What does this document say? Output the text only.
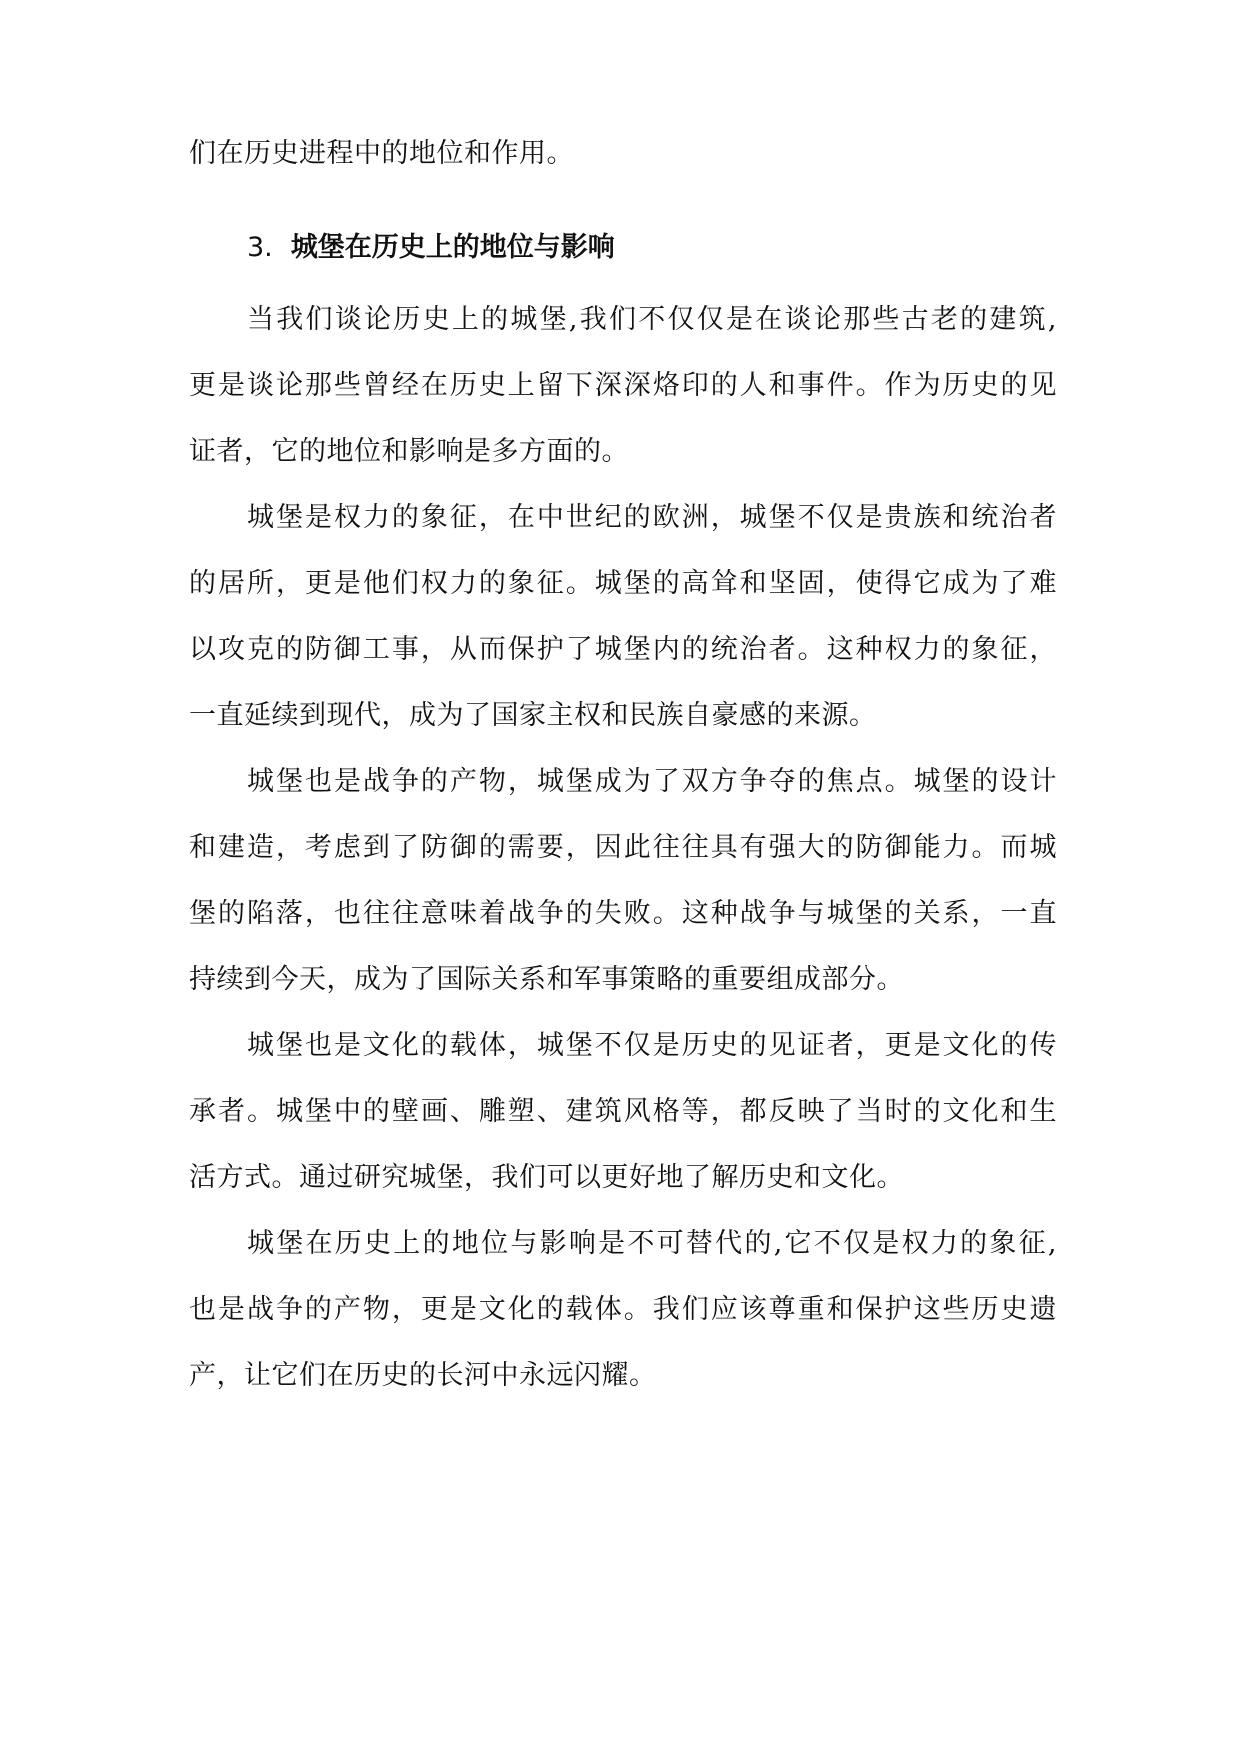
们在历史进程中的地位和作用。
3. 城堡在历史上的地位与影响
当我们谈论历史上的城堡,我们不仅仅是在谈论那些古老的建筑,
更是谈论那些曾经在历史上留下深深烙印的人和事件。作为历史的见
证者，它的地位和影响是多方面的。
城堡是权力的象征，在中世纪的欧洲，城堡不仅是贵族和统治者
的居所，更是他们权力的象征。城堡的高耸和坚固，使得它成为了难
以攻克的防御工事，从而保护了城堡内的统治者。这种权力的象征，
一直延续到现代，成为了国家主权和民族自豪感的来源。
城堡也是战争的产物，城堡成为了双方争夺的焦点。城堡的设计
和建造，考虑到了防御的需要，因此往往具有强大的防御能力。而城
堡的陷落，也往往意味着战争的失败。这种战争与城堡的关系，一直
持续到今天，成为了国际关系和军事策略的重要组成部分。
城堡也是文化的载体，城堡不仅是历史的见证者，更是文化的传
承者。城堡中的壁画、雕塑、建筑风格等，都反映了当时的文化和生
活方式。通过研究城堡，我们可以更好地了解历史和文化。
城堡在历史上的地位与影响是不可替代的,它不仅是权力的象征,
也是战争的产物，更是文化的载体。我们应该尊重和保护这些历史遗
产，让它们在历史的长河中永远闪耀。
